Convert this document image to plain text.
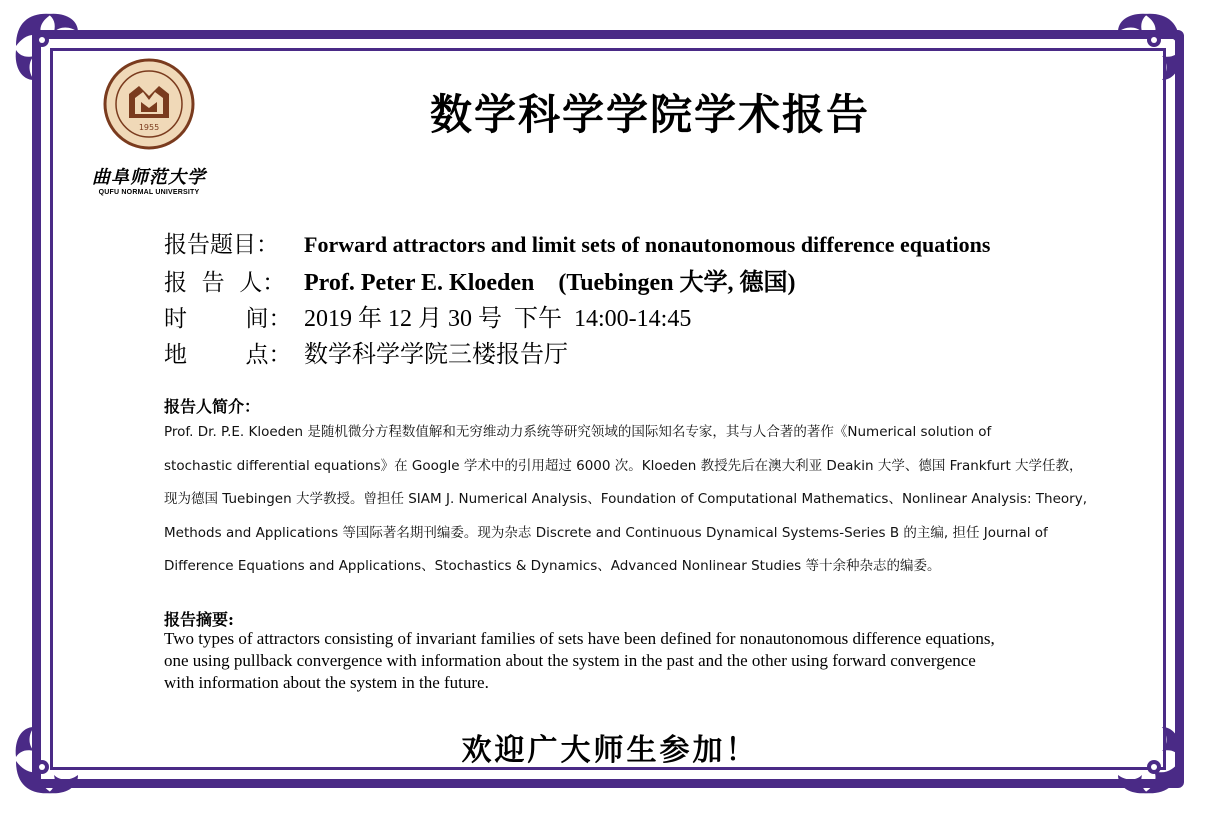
1955
曲阜师范大学
QUFU NORMAL UNIVERSITY
数学科学学院学术报告
报告题目：	Forward attractors and limit sets of nonautonomous difference equations
报  告  人： Prof. Peter E. Kloeden    (Tuebingen 大学, 德国)
时        间： 2019 年 12 月 30 号  下午  14:00-14:45
地        点： 数学科学学院三楼报告厅
报告人简介：
Prof. Dr. P.E. Kloeden 是随机微分方程数值解和无穷维动力系统等研究领域的国际知名专家，其与人合著的著作《Numerical solution of
stochastic differential equations》在 Google 学术中的引用超过 6000 次。Kloeden 教授先后在澳大利亚 Deakin 大学、德国 Frankfurt 大学任教，
现为德国 Tuebingen 大学教授。曾担任 SIAM J. Numerical Analysis、Foundation of Computational Mathematics、Nonlinear Analysis: Theory,
Methods and Applications 等国际著名期刊编委。现为杂志 Discrete and Continuous Dynamical Systems-Series B 的主编, 担任 Journal of
Difference Equations and Applications、Stochastics & Dynamics、Advanced Nonlinear Studies 等十余种杂志的编委。
报告摘要:
Two types of attractors consisting of invariant families of sets have been defined for nonautonomous difference equations,
one using pullback convergence with information about the system in the past and the other using forward convergence
with information about the system in the future.
欢迎广大师生参加！
